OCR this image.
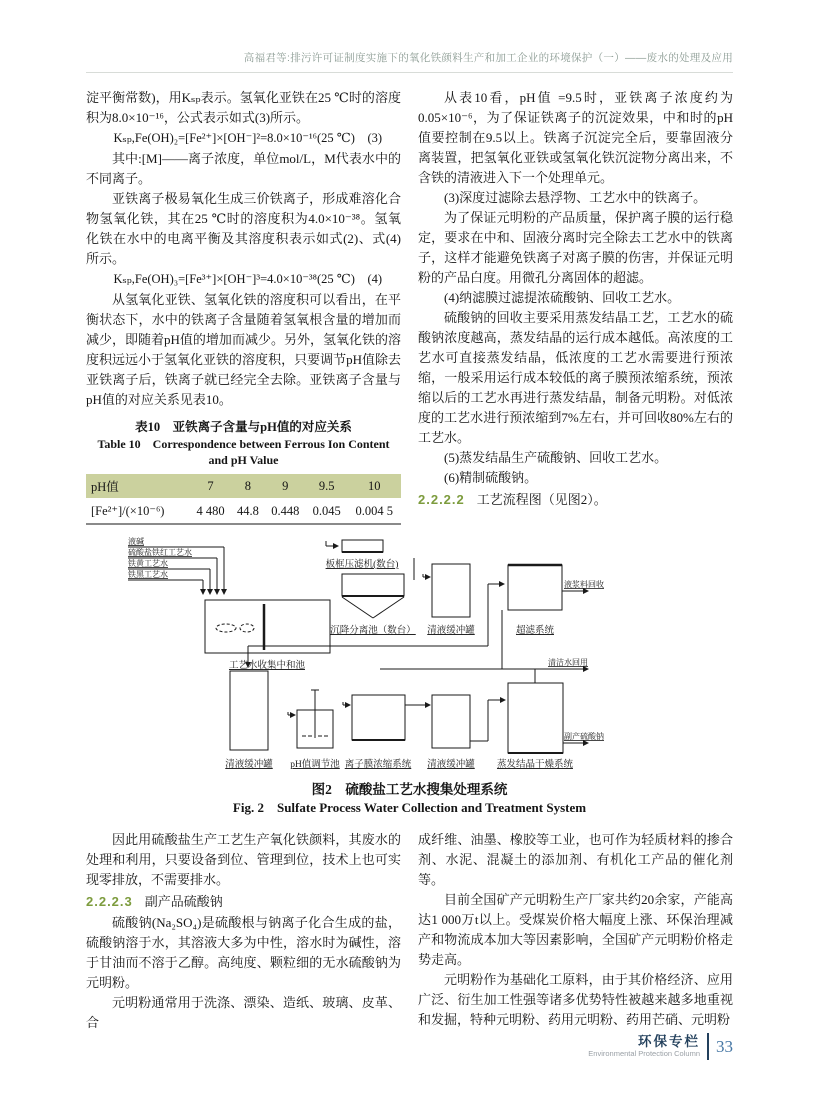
高福君等:排污许可证制度实施下的氧化铁颜料生产和加工企业的环境保护（一）——废水的处理及应用

淀平衡常数)，用Kₛₚ表示。氢氧化亚铁在25 ℃时的溶度积为8.0×10⁻¹⁶，公式表示如式(3)所示。

Kₛₚ,Fe(OH)₂=[Fe²⁺]×[OH⁻]²=8.0×10⁻¹⁶(25 ℃)　(3)

其中:[M]——离子浓度，单位mol/L，M代表水中的不同离子。

亚铁离子极易氧化生成三价铁离子，形成难溶化合物氢氧化铁，其在25 ℃时的溶度积为4.0×10⁻³⁸。氢氧化铁在水中的电离平衡及其溶度积表示如式(2)、式(4)所示。

Kₛₚ,Fe(OH)₃=[Fe³⁺]×[OH⁻]³=4.0×10⁻³⁸(25 ℃)　(4)

从氢氧化亚铁、氢氧化铁的溶度积可以看出，在平衡状态下，水中的铁离子含量随着氢氧根含量的增加而减少，即随着pH值的增加而减少。另外，氢氧化铁的溶度积远远小于氢氧化亚铁的溶度积，只要调节pH值除去亚铁离子后，铁离子就已经完全去除。亚铁离子含量与pH值的对应关系见表10。

表10　亚铁离子含量与pH值的对应关系
Table 10　Correspondence between Ferrous Ion Content
and pH Value
pH值	7	8	9	9.5	10
[Fe²⁺]/(×10⁻⁶)	4 480	44.8	0.448	0.045	0.004 5

从表10看，pH值 =9.5时，亚铁离子浓度约为0.05×10⁻⁶，为了保证铁离子的沉淀效果，中和时的pH值要控制在9.5以上。铁离子沉淀完全后，要靠固液分离装置，把氢氧化亚铁或氢氧化铁沉淀物分离出来，不含铁的清液进入下一个处理单元。

(3)深度过滤除去悬浮物、工艺水中的铁离子。

为了保证元明粉的产品质量，保护离子膜的运行稳定，要求在中和、固液分离时完全除去工艺水中的铁离子，这样才能避免铁离子对离子膜的伤害，并保证元明粉的产品白度。用微孔分离固体的超滤。

(4)纳滤膜过滤提浓硫酸钠、回收工艺水。

硫酸钠的回收主要采用蒸发结晶工艺，工艺水的硫酸钠浓度越高，蒸发结晶的运行成本越低。高浓度的工艺水可直接蒸发结晶，低浓度的工艺水需要进行预浓缩，一般采用运行成本较低的离子膜预浓缩系统，预浓缩以后的工艺水再进行蒸发结晶，制备元明粉。对低浓度的工艺水进行预浓缩到7%左右，并可回收80%左右的工艺水。

(5)蒸发结晶生产硫酸钠、回收工艺水。

(6)精制硫酸钠。

2.2.2.2 工艺流程图（见图2）。
液碱
硫酸盐铁红工艺水
铁黄工艺水
铁黑工艺水
工艺水收集中和池
板框压滤机(数台)
沉降分离池（数台） 清液缓冲罐	超滤系统
清液缓冲罐 pH值调节池 离子膜浓缩系统 清液缓冲罐 蒸发结晶干燥系统
液浆料回收
清洁水回用
副产硫酸钠
图2　硫酸盐工艺水搜集处理系统
Fig. 2　Sulfate Process Water Collection and Treatment System

因此用硫酸盐生产工艺生产氧化铁颜料，其废水的处理和利用，只要设备到位、管理到位，技术上也可实现零排放，不需要排水。

2.2.2.3 副产品硫酸钠

硫酸钠(Na₂SO₄)是硫酸根与钠离子化合生成的盐，硫酸钠溶于水，其溶液大多为中性，溶水时为碱性，溶于甘油而不溶于乙醇。高纯度、颗粒细的无水硫酸钠为元明粉。

元明粉通常用于洗涤、漂染、造纸、玻璃、皮革、合

成纤维、油墨、橡胶等工业，也可作为轻质材料的掺合剂、水泥、混凝土的添加剂、有机化工产品的催化剂等。

目前全国矿产元明粉生产厂家共约20余家，产能高达1 000万t以上。受煤炭价格大幅度上涨、环保治理减产和物流成本加大等因素影响，全国矿产元明粉价格走势走高。

元明粉作为基础化工原料，由于其价格经济、应用广泛、衍生加工性强等诸多优势特性被越来越多地重视和发掘，特种元明粉、药用元明粉、药用芒硝、元明粉

环保专栏
Environmental Protection Column 33
